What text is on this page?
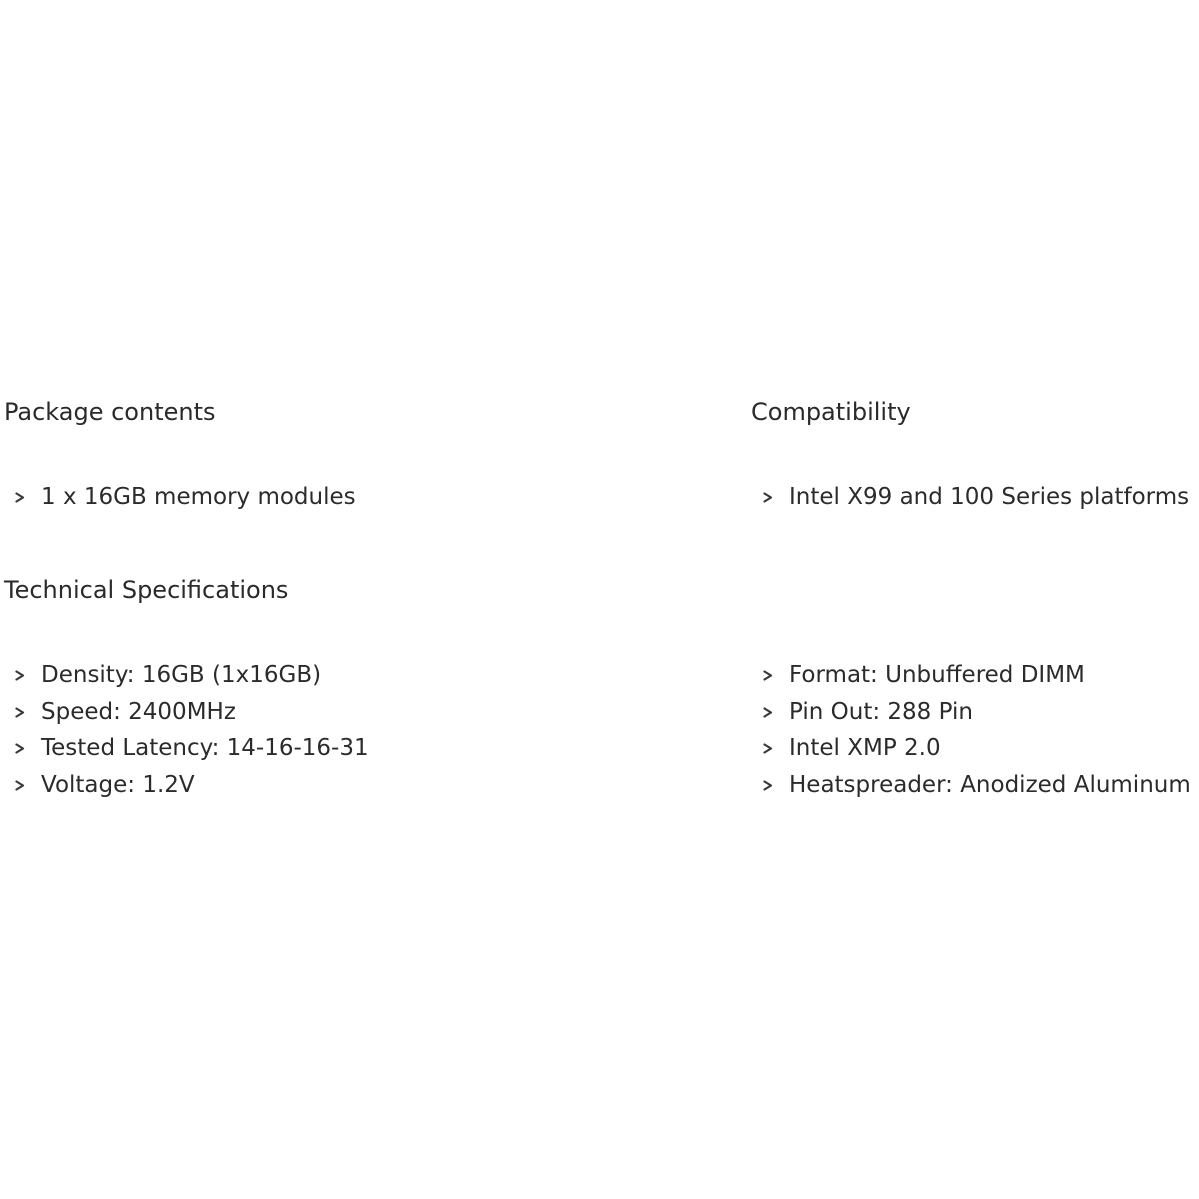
Package contents
1 x 16GB memory modules
Compatibility
Intel X99 and 100 Series platforms
Technical Specifications
Density: 16GB (1x16GB)
Speed: 2400MHz
Tested Latency: 14-16-16-31
Voltage: 1.2V
Format: Unbuffered DIMM
Pin Out: 288 Pin
Intel XMP 2.0
Heatspreader: Anodized Aluminum
